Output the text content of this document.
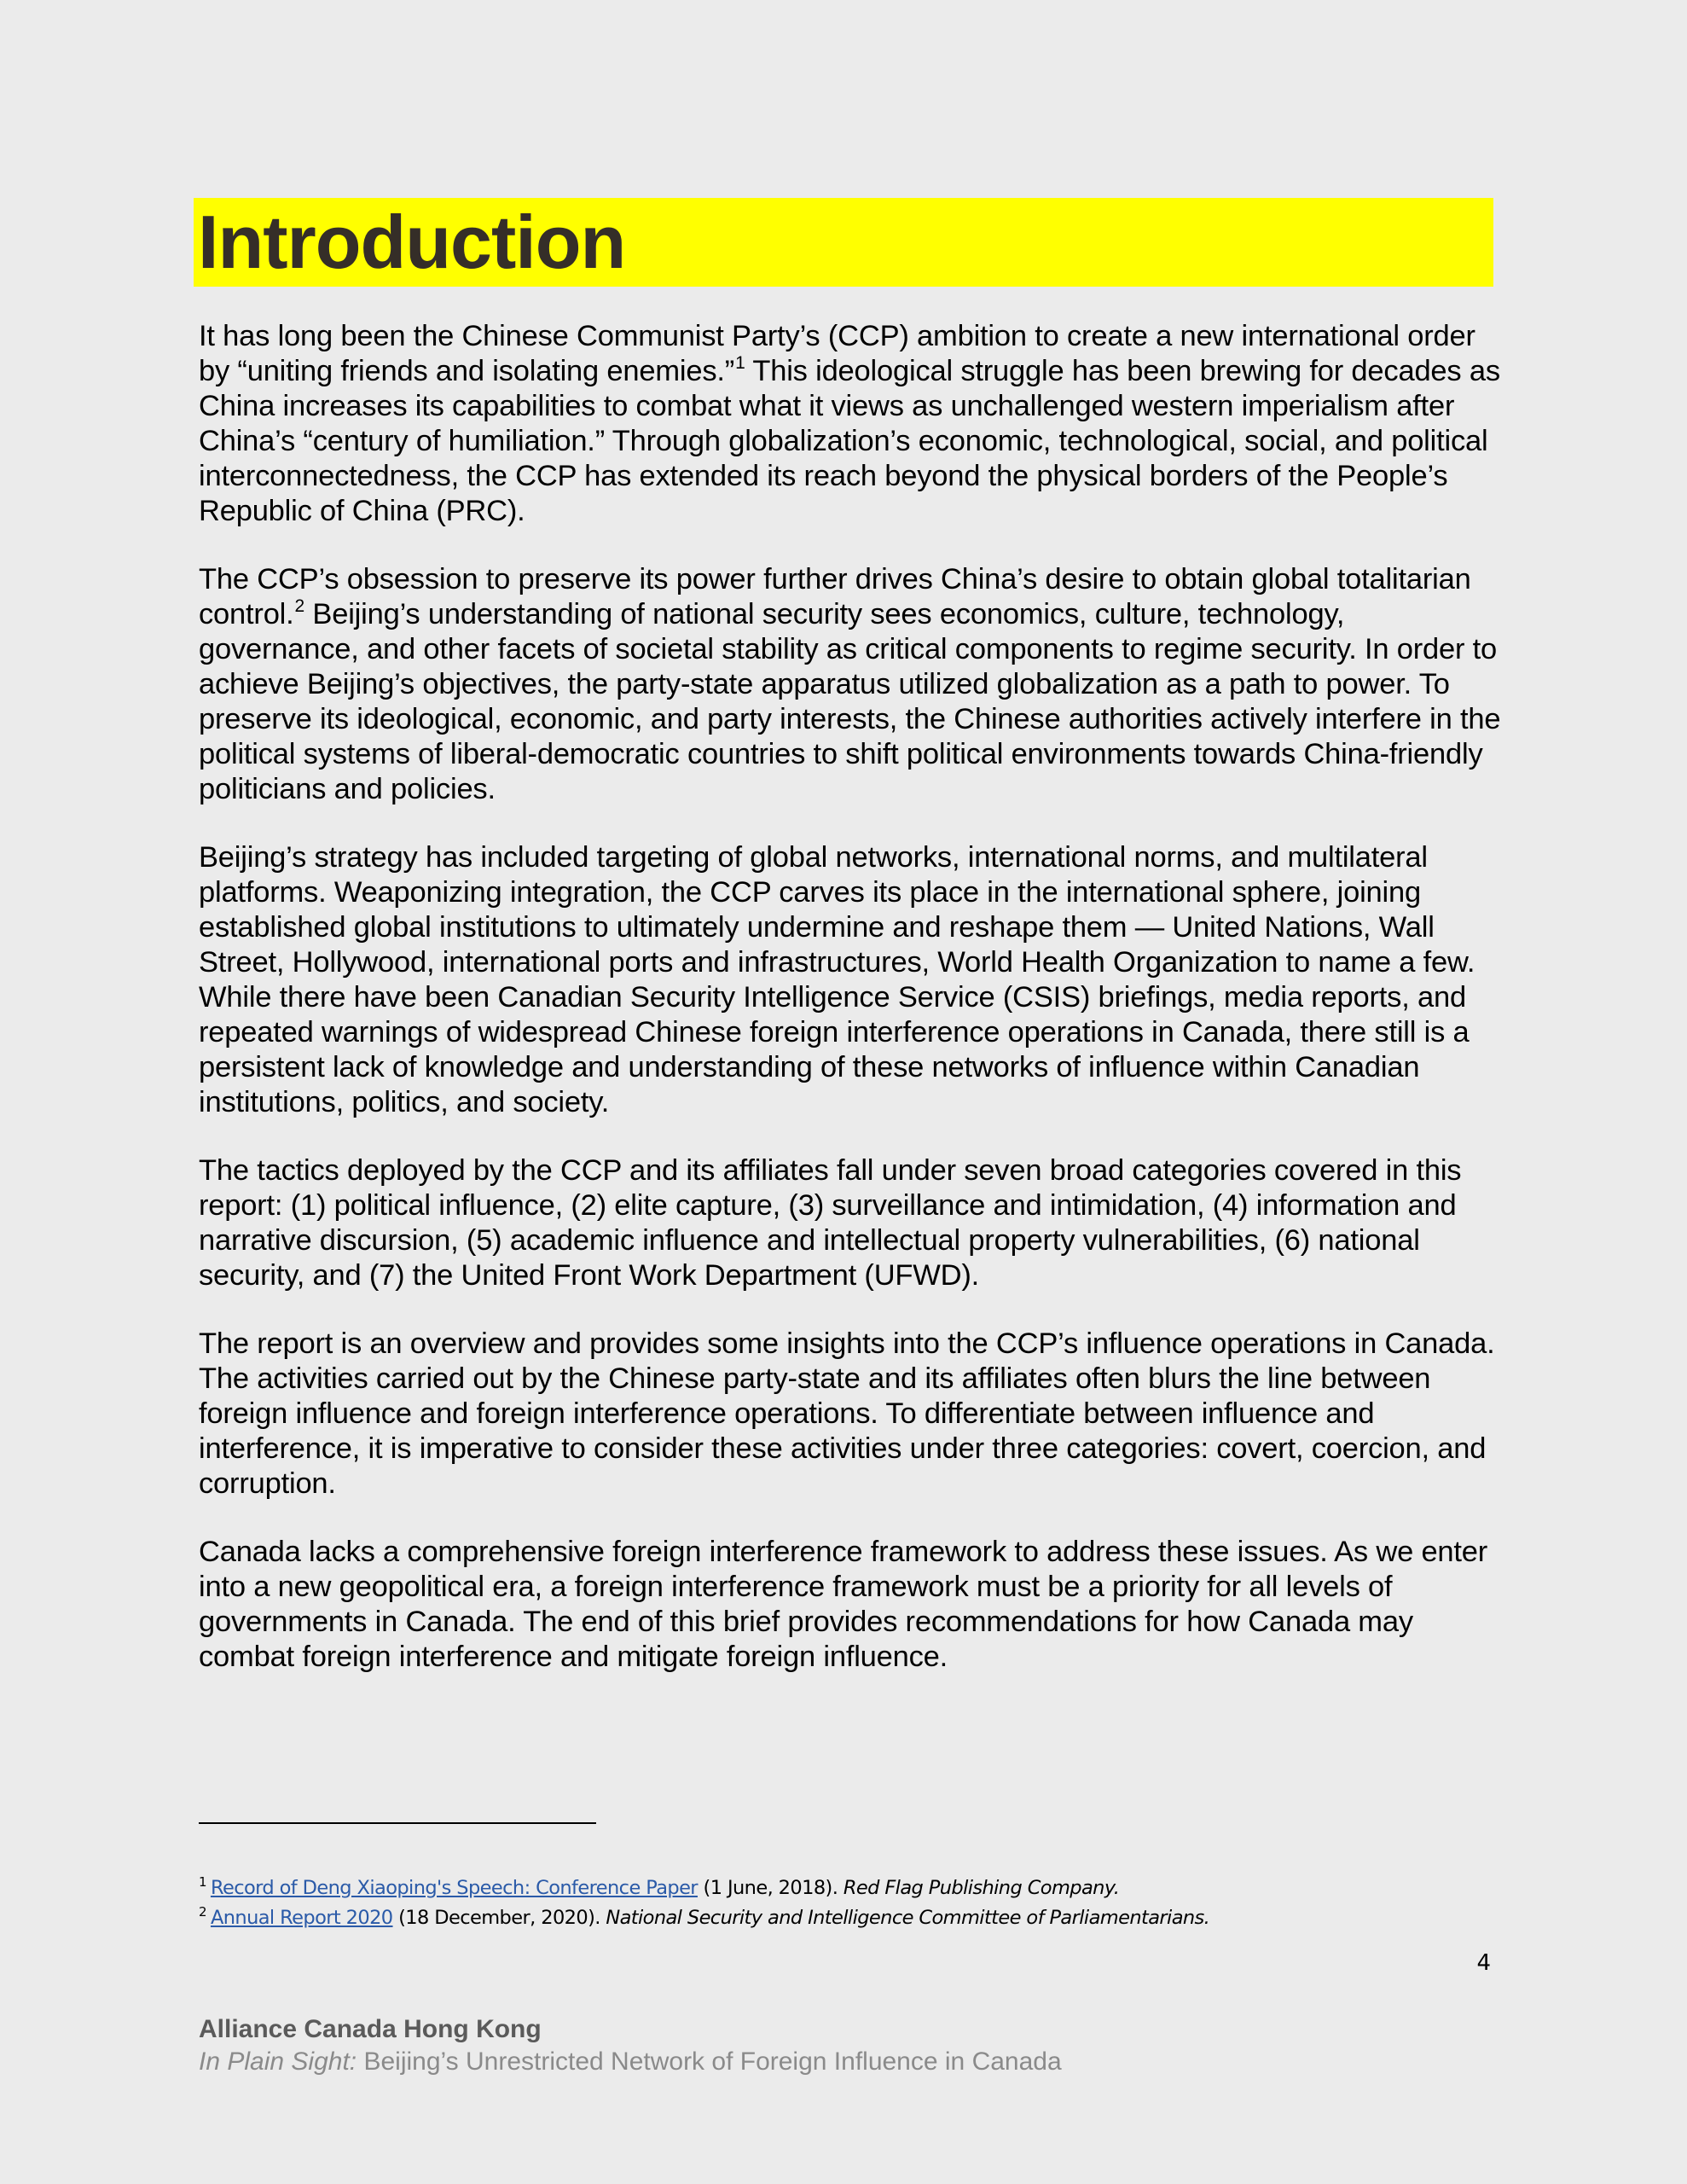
Introduction

It has long been the Chinese Communist Party’s (CCP) ambition to create a new international order by “uniting friends and isolating enemies.”$^1$ This ideological struggle has been brewing for decades as China increases its capabilities to combat what it views as unchallenged western imperialism after China’s “century of humiliation.” Through globalization’s economic, technological, social, and political interconnectedness, the CCP has extended its reach beyond the physical borders of the People’s Republic of China (PRC).

The CCP’s obsession to preserve its power further drives China’s desire to obtain global totalitarian control.$^2$ Beijing’s understanding of national security sees economics, culture, technology, governance, and other facets of societal stability as critical components to regime security. In order to achieve Beijing’s objectives, the party-state apparatus utilized globalization as a path to power. To preserve its ideological, economic, and party interests, the Chinese authorities actively interfere in the political systems of liberal-democratic countries to shift political environments towards China-friendly politicians and policies.

Beijing’s strategy has included targeting of global networks, international norms, and multilateral platforms. Weaponizing integration, the CCP carves its place in the international sphere, joining established global institutions to ultimately undermine and reshape them — United Nations, Wall Street, Hollywood, international ports and infrastructures, World Health Organization to name a few. While there have been Canadian Security Intelligence Service (CSIS) briefings, media reports, and repeated warnings of widespread Chinese foreign interference operations in Canada, there still is a persistent lack of knowledge and understanding of these networks of influence within Canadian institutions, politics, and society.

The tactics deployed by the CCP and its affiliates fall under seven broad categories covered in this report: (1) political influence, (2) elite capture, (3) surveillance and intimidation, (4) information and narrative discursion, (5) academic influence and intellectual property vulnerabilities, (6) national security, and (7) the United Front Work Department (UFWD).

The report is an overview and provides some insights into the CCP’s influence operations in Canada. The activities carried out by the Chinese party-state and its affiliates often blurs the line between foreign influence and foreign interference operations. To differentiate between influence and interference, it is imperative to consider these activities under three categories: covert, coercion, and corruption.

Canada lacks a comprehensive foreign interference framework to address these issues. As we enter into a new geopolitical era, a foreign interference framework must be a priority for all levels of governments in Canada. The end of this brief provides recommendations for how Canada may combat foreign interference and mitigate foreign influence.

$^1$ Record of Deng Xiaoping's Speech: Conference Paper (1 June, 2018). Red Flag Publishing Company.
$^2$ Annual Report 2020 (18 December, 2020). National Security and Intelligence Committee of Parliamentarians.
4
Alliance Canada Hong Kong
In Plain Sight: Beijing’s Unrestricted Network of Foreign Influence in Canada
